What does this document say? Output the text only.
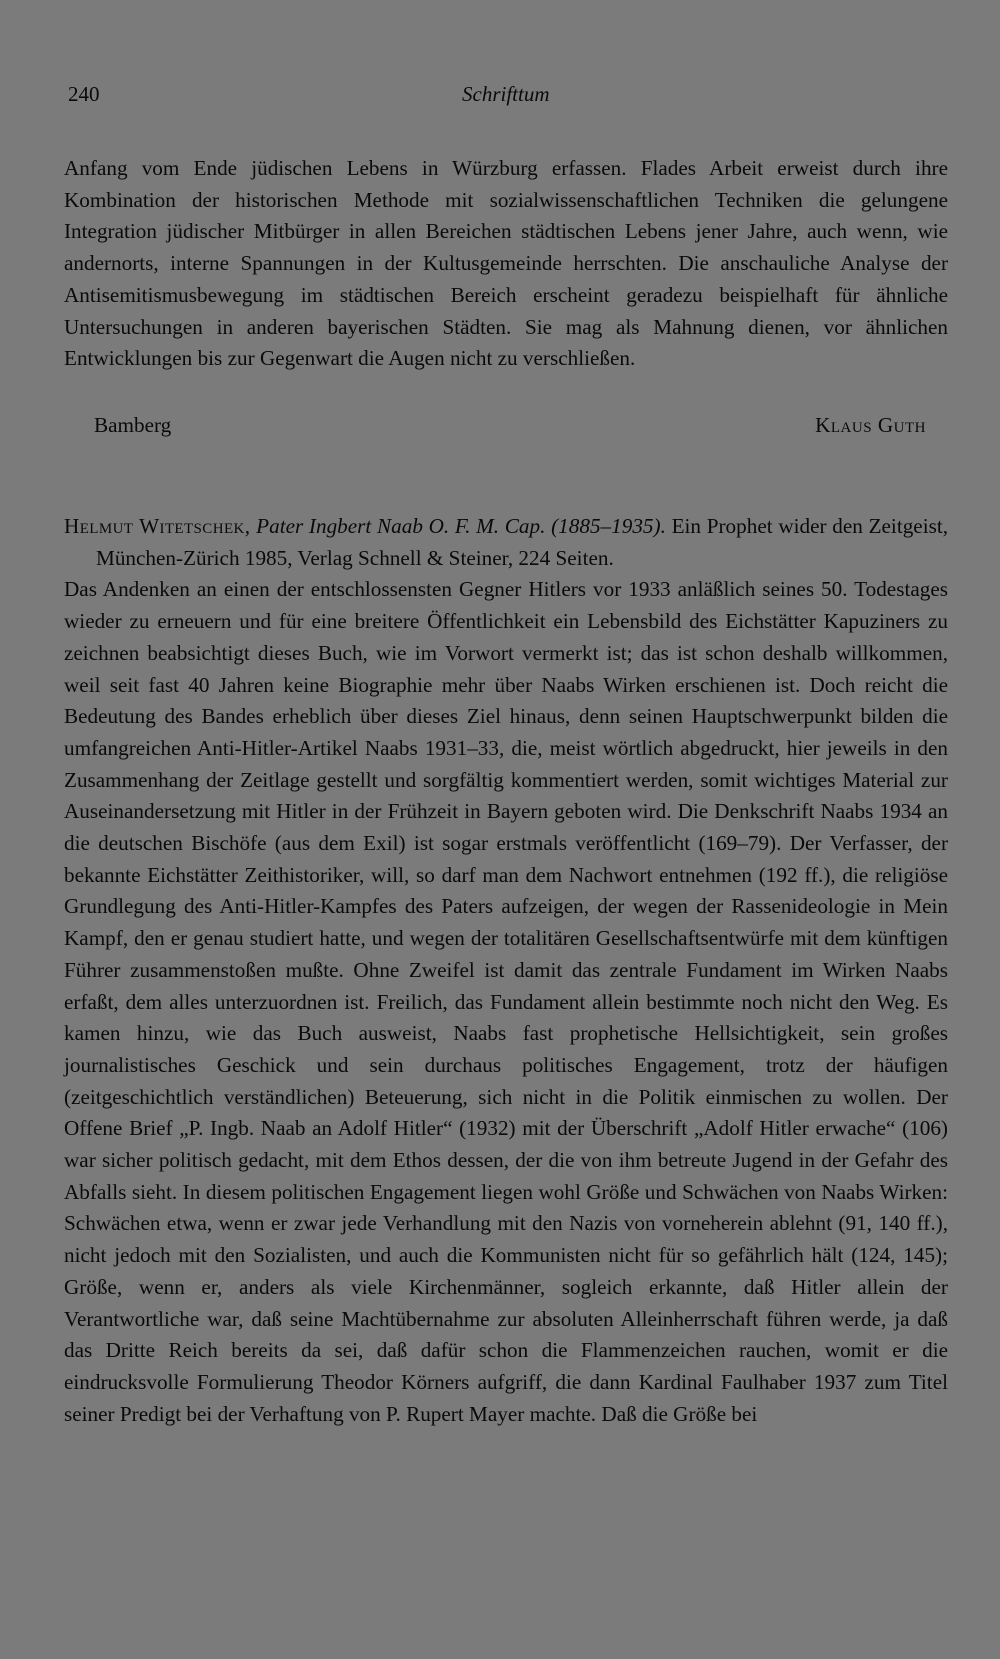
240	Schrifttum

Anfang vom Ende jüdischen Lebens in Würzburg erfassen. Flades Arbeit erweist durch ihre Kombination der historischen Methode mit sozialwissenschaftlichen Techniken die gelungene Integration jüdischer Mitbürger in allen Bereichen städtischen Lebens jener Jahre, auch wenn, wie andernorts, interne Spannungen in der Kultusgemeinde herrschten. Die anschauliche Analyse der Antisemitismusbewegung im städtischen Bereich erscheint geradezu beispielhaft für ähnliche Untersuchungen in anderen bayerischen Städten. Sie mag als Mahnung dienen, vor ähnlichen Entwicklungen bis zur Gegenwart die Augen nicht zu verschließen.

Bamberg	Klaus Guth

Helmut Witetschek, Pater Ingbert Naab O. F. M. Cap. (1885–1935). Ein Prophet wider den Zeitgeist, München-Zürich 1985, Verlag Schnell & Steiner, 224 Seiten.

Das Andenken an einen der entschlossensten Gegner Hitlers vor 1933 anläßlich seines 50. Todestages wieder zu erneuern und für eine breitere Öffentlichkeit ein Lebensbild des Eichstätter Kapuziners zu zeichnen beabsichtigt dieses Buch, wie im Vorwort vermerkt ist; das ist schon deshalb willkommen, weil seit fast 40 Jahren keine Biographie mehr über Naabs Wirken erschienen ist. Doch reicht die Bedeutung des Bandes erheblich über dieses Ziel hinaus, denn seinen Hauptschwerpunkt bilden die umfangreichen Anti-Hitler-Artikel Naabs 1931–33, die, meist wörtlich abgedruckt, hier jeweils in den Zusammenhang der Zeitlage gestellt und sorgfältig kommentiert werden, somit wichtiges Material zur Auseinandersetzung mit Hitler in der Frühzeit in Bayern geboten wird. Die Denkschrift Naabs 1934 an die deutschen Bischöfe (aus dem Exil) ist sogar erstmals veröffentlicht (169–79). Der Verfasser, der bekannte Eichstätter Zeithistoriker, will, so darf man dem Nachwort entnehmen (192 ff.), die religiöse Grundlegung des Anti-Hitler-Kampfes des Paters aufzeigen, der wegen der Rassenideologie in Mein Kampf, den er genau studiert hatte, und wegen der totalitären Gesellschaftsentwürfe mit dem künftigen Führer zusammenstoßen mußte. Ohne Zweifel ist damit das zentrale Fundament im Wirken Naabs erfaßt, dem alles unterzuordnen ist. Freilich, das Fundament allein bestimmte noch nicht den Weg. Es kamen hinzu, wie das Buch ausweist, Naabs fast prophetische Hellsichtigkeit, sein großes journalistisches Geschick und sein durchaus politisches Engagement, trotz der häufigen (zeitgeschichtlich verständlichen) Beteuerung, sich nicht in die Politik einmischen zu wollen. Der Offene Brief „P. Ingb. Naab an Adolf Hitler“ (1932) mit der Überschrift „Adolf Hitler erwache“ (106) war sicher politisch gedacht, mit dem Ethos dessen, der die von ihm betreute Jugend in der Gefahr des Abfalls sieht. In diesem politischen Engagement liegen wohl Größe und Schwächen von Naabs Wirken: Schwächen etwa, wenn er zwar jede Verhandlung mit den Nazis von vorneherein ablehnt (91, 140 ff.), nicht jedoch mit den Sozialisten, und auch die Kommunisten nicht für so gefährlich hält (124, 145); Größe, wenn er, anders als viele Kirchenmänner, sogleich erkannte, daß Hitler allein der Verantwortliche war, daß seine Machtübernahme zur absoluten Alleinherrschaft führen werde, ja daß das Dritte Reich bereits da sei, daß dafür schon die Flammenzeichen rauchen, womit er die eindrucksvolle Formulierung Theodor Körners aufgriff, die dann Kardinal Faulhaber 1937 zum Titel seiner Predigt bei der Verhaftung von P. Rupert Mayer machte. Daß die Größe bei
